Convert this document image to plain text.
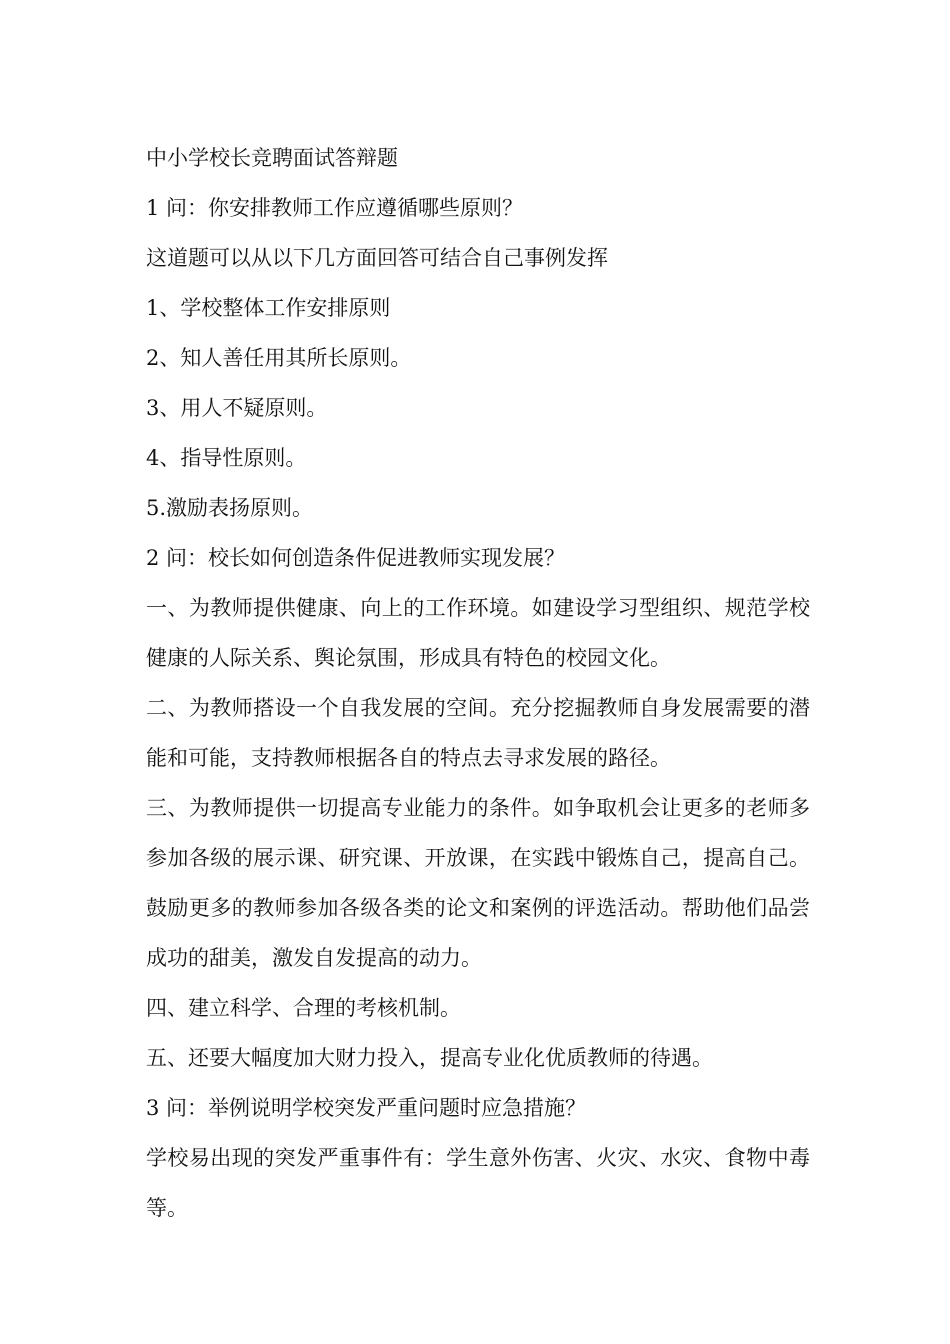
中小学校长竞聘面试答辩题

1 问：你安排教师工作应遵循哪些原则？

这道题可以从以下几方面回答可结合自己事例发挥

1、学校整体工作安排原则

2、知人善任用其所长原则。

3、用人不疑原则。

4、指导性原则。

5.激励表扬原则。

2 问：校长如何创造条件促进教师实现发展？

一、为教师提供健康、向上的工作环境。如建设学习型组织、规范学校健康的人际关系、舆论氛围，形成具有特色的校园文化。

二、为教师搭设一个自我发展的空间。充分挖掘教师自身发展需要的潜能和可能，支持教师根据各自的特点去寻求发展的路径。

三、为教师提供一切提高专业能力的条件。如争取机会让更多的老师多参加各级的展示课、研究课、开放课，在实践中锻炼自己，提高自己。鼓励更多的教师参加各级各类的论文和案例的评选活动。帮助他们品尝成功的甜美，激发自发提高的动力。

四、建立科学、合理的考核机制。

五、还要大幅度加大财力投入，提高专业化优质教师的待遇。

3 问：举例说明学校突发严重问题时应急措施？

学校易出现的突发严重事件有：学生意外伤害、火灾、水灾、食物中毒等。
